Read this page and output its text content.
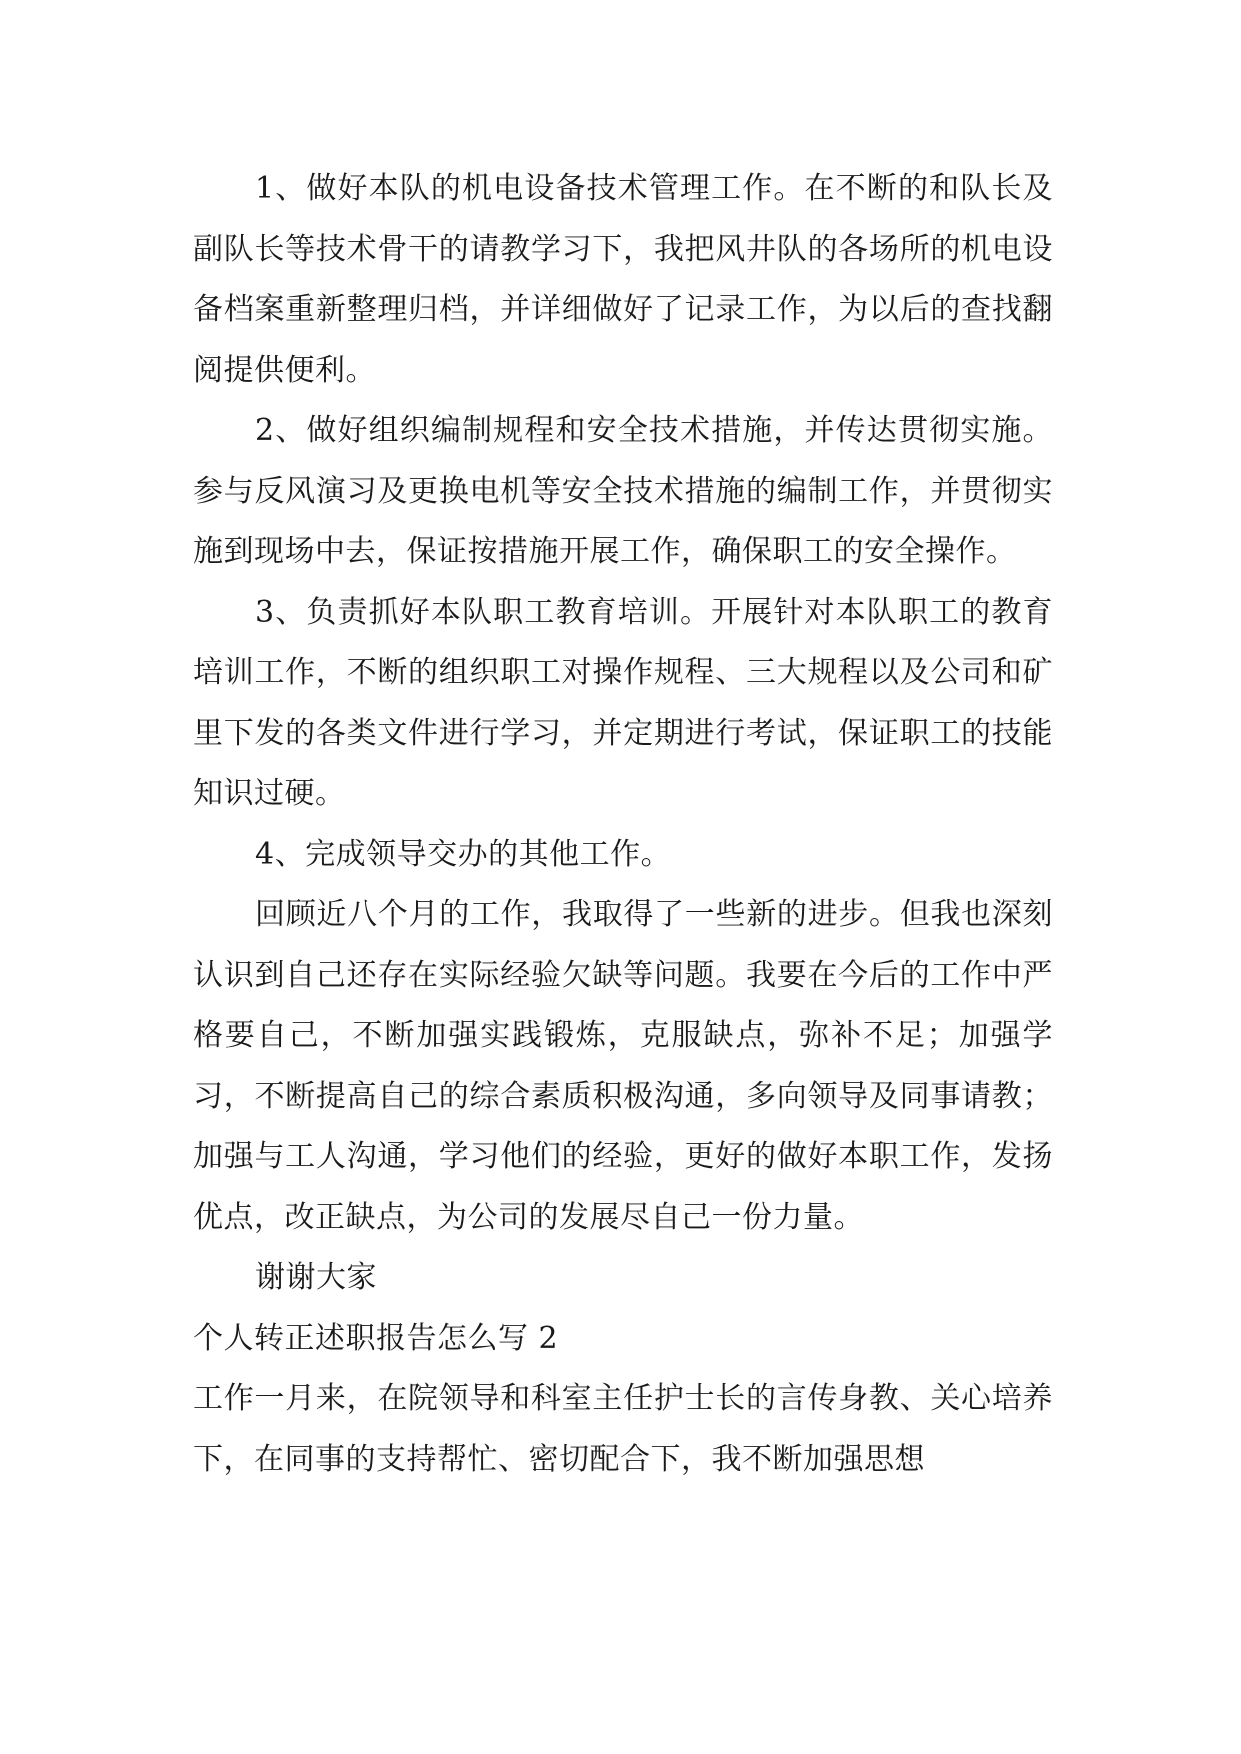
1、做好本队的机电设备技术管理工作。在不断的和队长及副队长等技术骨干的请教学习下，我把风井队的各场所的机电设备档案重新整理归档，并详细做好了记录工作，为以后的查找翻阅提供便利。

2、做好组织编制规程和安全技术措施，并传达贯彻实施。参与反风演习及更换电机等安全技术措施的编制工作，并贯彻实施到现场中去，保证按措施开展工作，确保职工的安全操作。

3、负责抓好本队职工教育培训。开展针对本队职工的教育培训工作，不断的组织职工对操作规程、三大规程以及公司和矿里下发的各类文件进行学习，并定期进行考试，保证职工的技能知识过硬。

4、完成领导交办的其他工作。

回顾近八个月的工作，我取得了一些新的进步。但我也深刻认识到自己还存在实际经验欠缺等问题。我要在今后的工作中严格要自己，不断加强实践锻炼，克服缺点，弥补不足；加强学习，不断提高自己的综合素质积极沟通，多向领导及同事请教；加强与工人沟通，学习他们的经验，更好的做好本职工作，发扬优点，改正缺点，为公司的发展尽自己一份力量。

谢谢大家

个人转正述职报告怎么写 2

工作一月来，在院领导和科室主任护士长的言传身教、关心培养下，在同事的支持帮忙、密切配合下，我不断加强思想
